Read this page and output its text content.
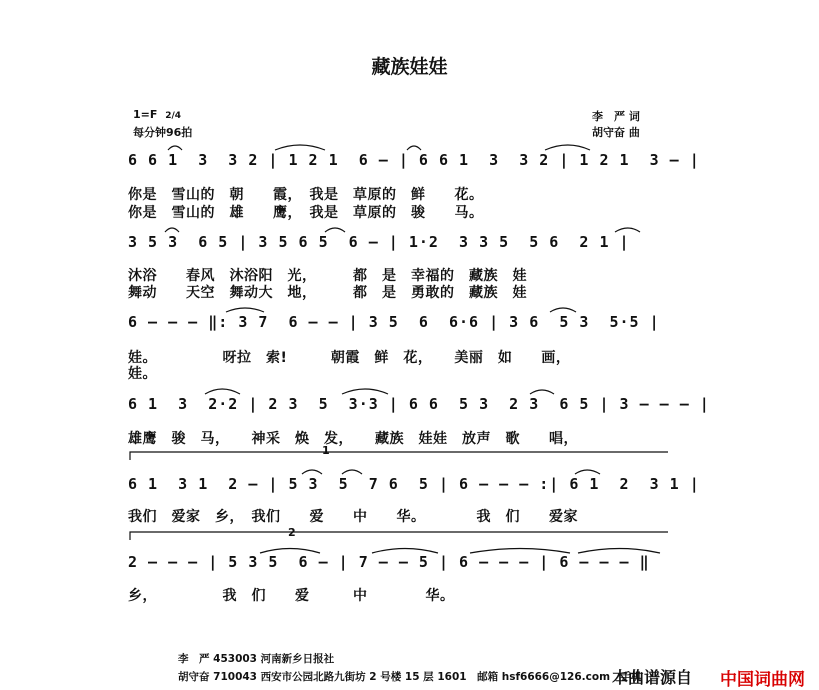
藏族娃娃
1=F 2/4
每分钟96拍
李　严 词
胡守奋 曲
6 6 1  3  3 2 | 1 2 1  6 — | 6 6 1  3  3 2 | 1 2 1  3 — |
你是　雪山的　朝　　霞，　我是　草原的　鲜　　花。
你是　雪山的　雄　　鹰，　我是　草原的　骏　　马。
3 5 3  6 5 | 3 5 6 5  6 — | 1·2  3 3 5  5 6  2 1 |
沐浴　　春风　沐浴阳　光，　　　都　是　幸福的　藏族　娃
舞动　　天空　舞动大　地，　　　都　是　勇敢的　藏族　娃
6 — — — ‖: 3 7  6 — — | 3 5  6  6·6 | 3 6  5 3  5·5 |
娃。　　　　　呀拉　索!　　　朝霞　鲜　花，　　美丽　如　　画，
娃。
6 1  3  2·2 | 2 3  5  3·3 | 6 6  5 3  2 3  6 5 | 3 — — — |
雄鹰　骏　马，　　神采　焕　发，　　藏族　娃娃　放声　歌　　唱，
1
6 1  3 1  2 — | 5 3  5  7 6  5 | 6 — — — :| 6 1  2  3 1 |
我们　爱家　乡，　我们　　爱　　中　　华。　　　　我　们　　爱家
2
2 — — — | 5 3 5  6 — | 7 — — 5 | 6 — — — | 6 — — — ‖
乡，　　　　　我　们　　爱　　　中　　　　华。
李　严 453003 河南新乡日报社
胡守奋 710043 西安市公园北路九街坊 2 号楼 15 层 1601　邮箱 hsf6666@126.com　手机
本曲谱源自 中国词曲网
